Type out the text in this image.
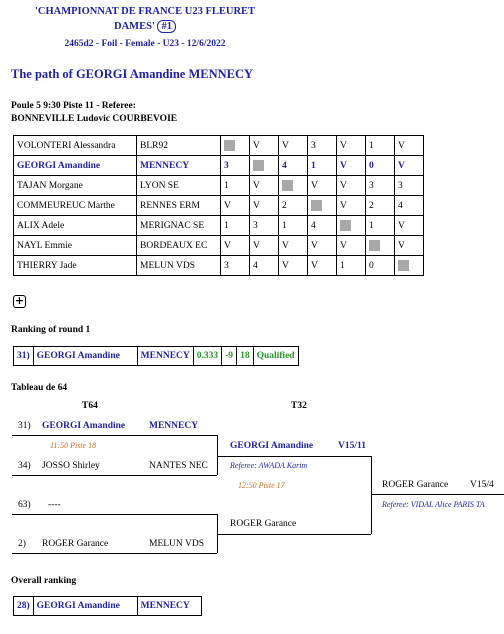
'CHAMPIONNAT DE FRANCE U23 FLEURET
DAMES' #1
2465d2 - Foil - Female - U23 - 12/6/2022
The path of GEORGI Amandine MENNECY
Poule 5 9:30 Piste 11 - Referee:
BONNEVILLE Ludovic COURBEVOIE
VOLONTERI Alessandra	BLR92		V	V	3	V	1	V
GEORGI Amandine	MENNECY	3		4	1	V	0	V
TAJAN Morgane	LYON SE	1	V		V	V	3	3
COMMEUREUC Marthe	RENNES ERM	V	V	2		V	2	4
ALIX Adele	MERIGNAC SE	1	3	1	4		1	V
NAYL Emmie	BORDEAUX EC	V	V	V	V	V		V
THIERRY Jade	MELUN VDS	3	4	V	V	1	0	
+
Ranking of round 1
31)	GEORGI Amandine	MENNECY	0.333	-9	18	Qualified
Tableau de 64
T64	T32
31) GEORGI Amandine	MENNECY
11:50 Piste 18
34) JOSSO Shirley	NANTES NEC
63) ----
2) ROGER Garance	MELUN VDS
GEORGI Amandine	V15/11
Referee: AWADA Karim
12:50 Piste 17
ROGER Garance
ROGER Garance V15/4
Referee: VIDAL Alice PARIS TA
Overall ranking
28)	GEORGI Amandine	MENNECY
